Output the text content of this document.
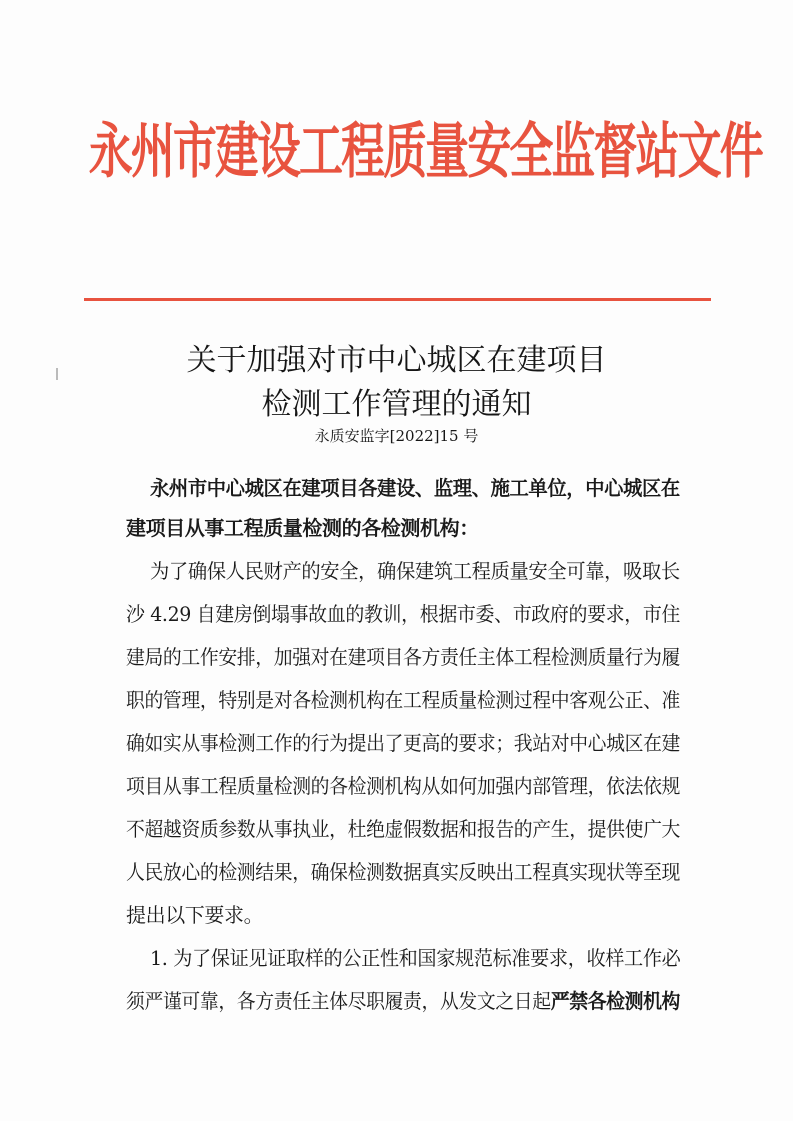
永州市建设工程质量安全监督站文件
关于加强对市中心城区在建项目
检测工作管理的通知
永质安监字[2022]15 号
永州市中心城区在建项目各建设、监理、施工单位，中心城区在
建项目从事工程质量检测的各检测机构：
为了确保人民财产的安全，确保建筑工程质量安全可靠，吸取长
沙 4.29 自建房倒塌事故血的教训，根据市委、市政府的要求，市住
建局的工作安排，加强对在建项目各方责任主体工程检测质量行为履
职的管理，特别是对各检测机构在工程质量检测过程中客观公正、准
确如实从事检测工作的行为提出了更高的要求；我站对中心城区在建
项目从事工程质量检测的各检测机构从如何加强内部管理，依法依规
不超越资质参数从事执业，杜绝虚假数据和报告的产生，提供使广大
人民放心的检测结果，确保检测数据真实反映出工程真实现状等至现
提出以下要求。
1. 为了保证见证取样的公正性和国家规范标准要求，收样工作必
须严谨可靠，各方责任主体尽职履责，从发文之日起严禁各检测机构
